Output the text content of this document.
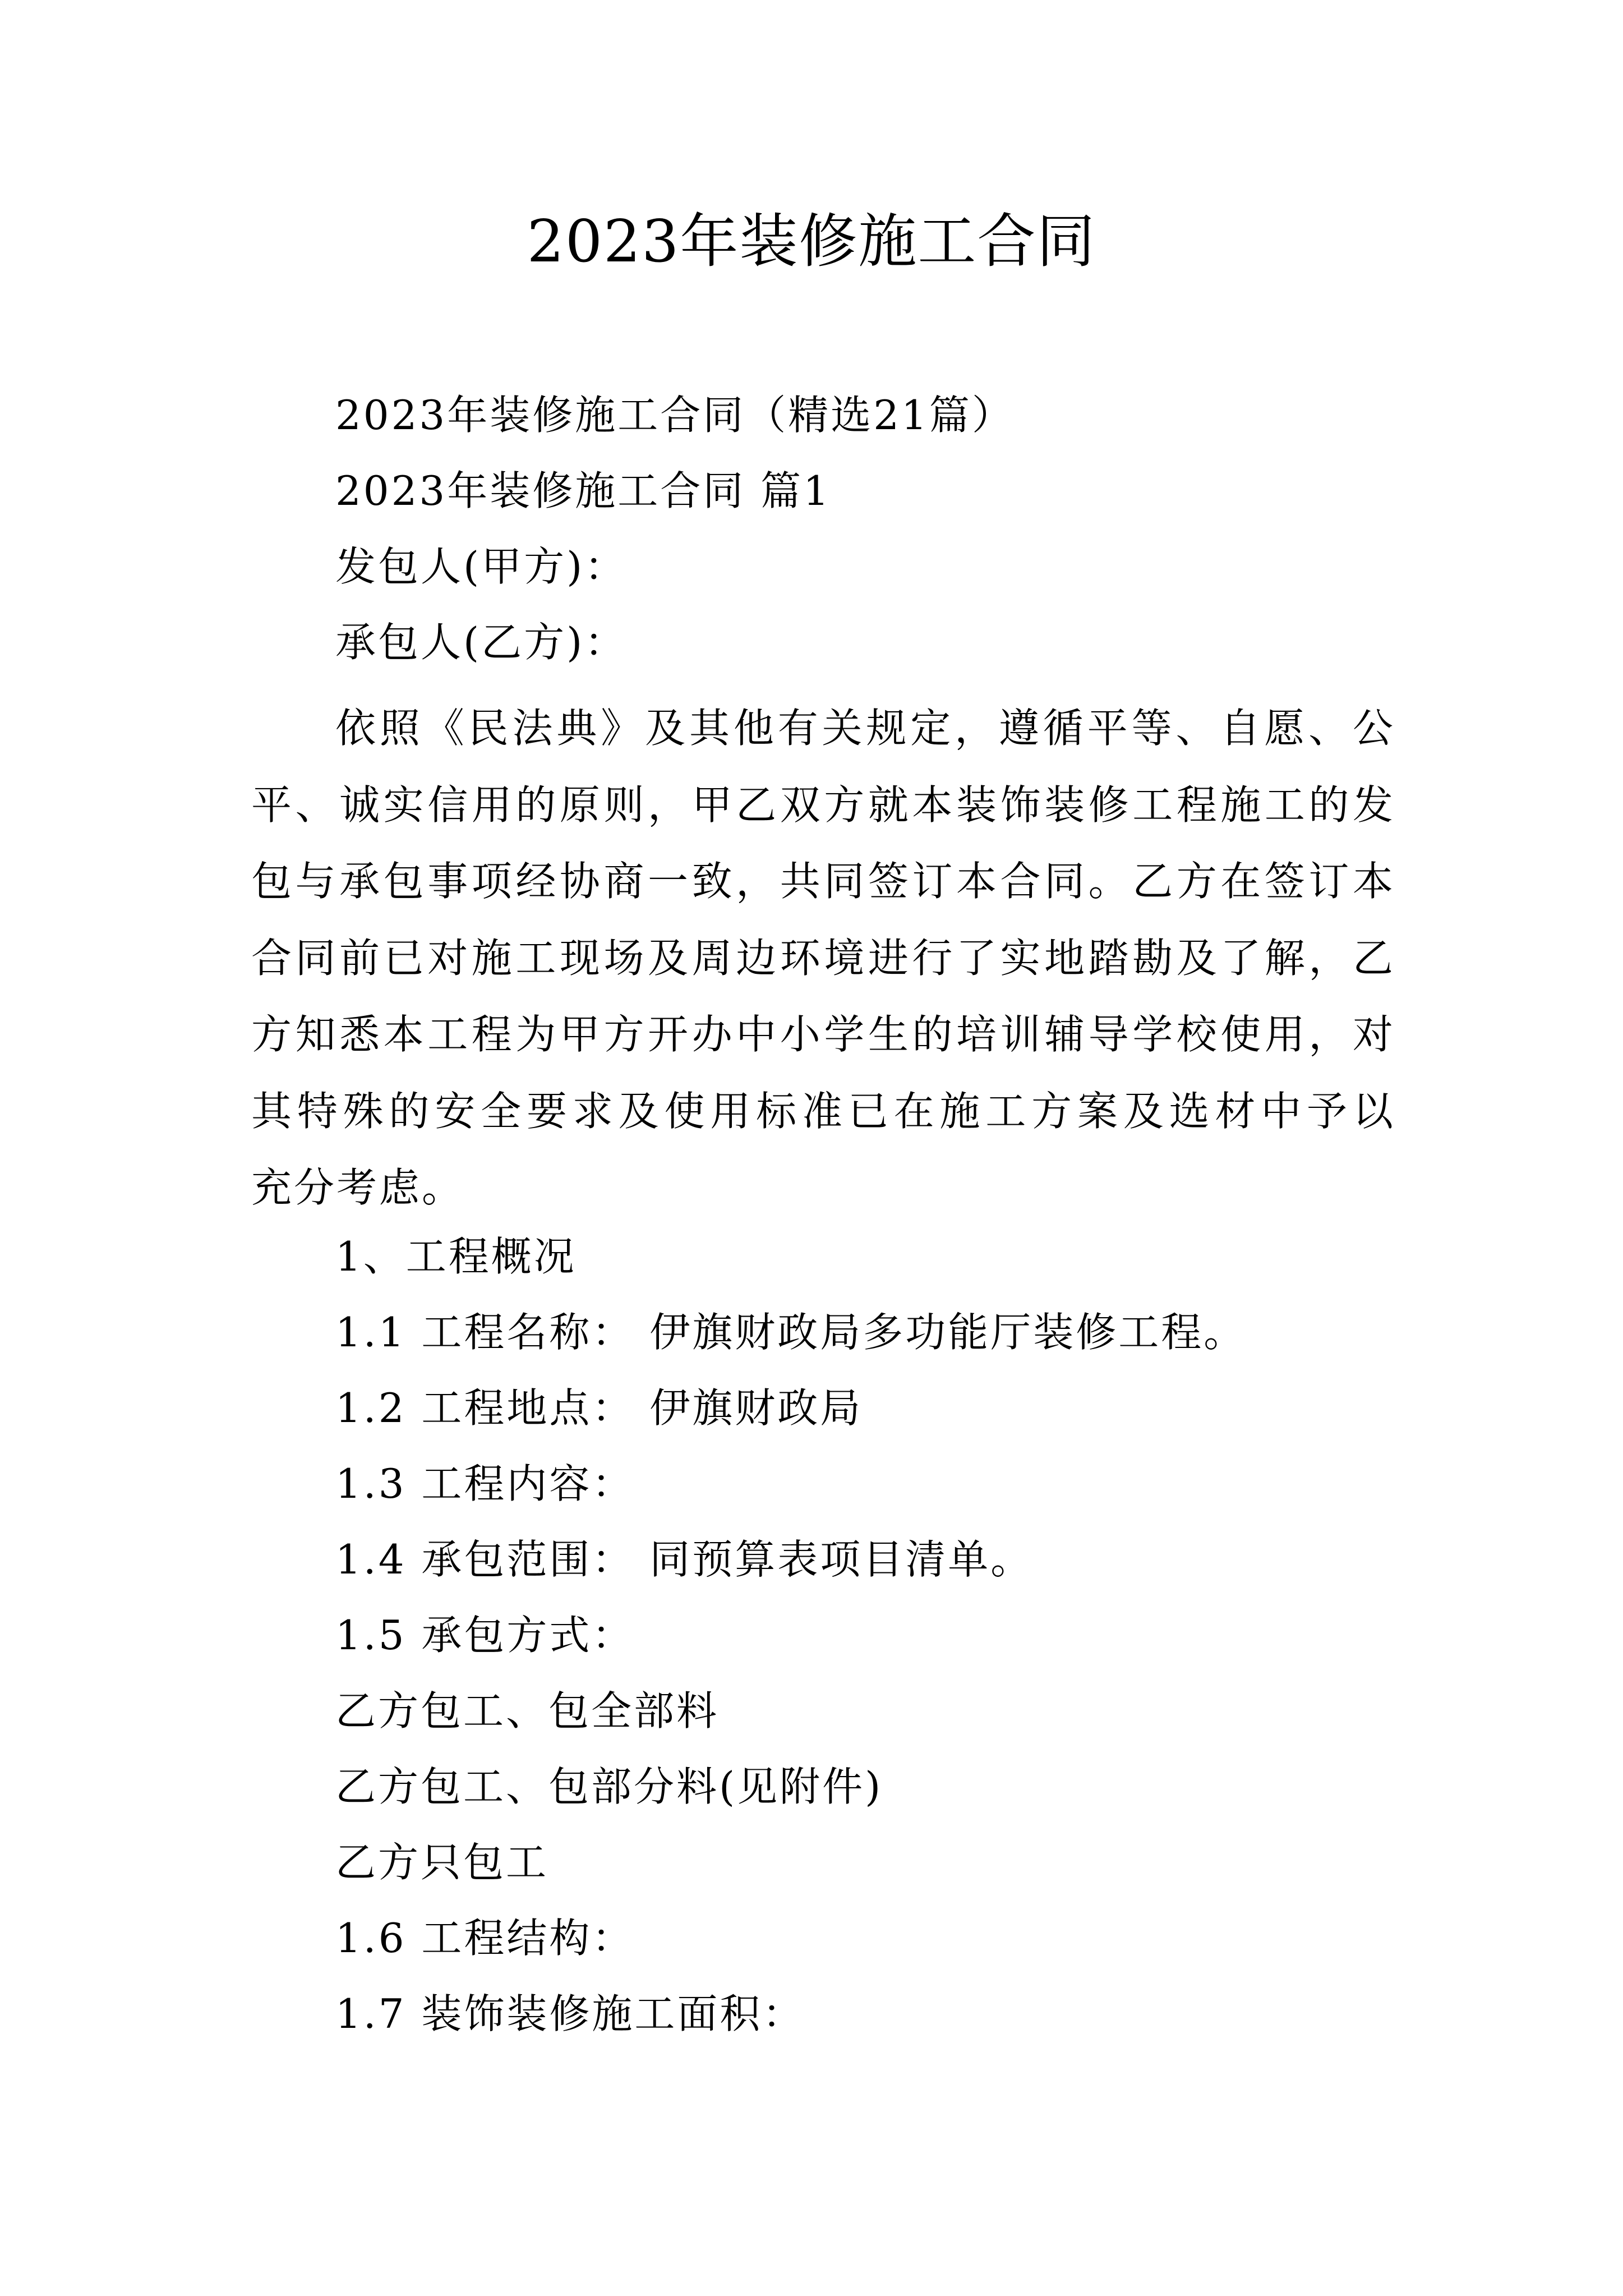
2023年装修施工合同
2023年装修施工合同（精选21篇）
2023年装修施工合同 篇1
发包人(甲方)：
承包人(乙方)：
依照《民法典》及其他有关规定，遵循平等、自愿、公
平、诚实信用的原则，甲乙双方就本装饰装修工程施工的发
包与承包事项经协商一致，共同签订本合同。乙方在签订本
合同前已对施工现场及周边环境进行了实地踏勘及了解，乙
方知悉本工程为甲方开办中小学生的培训辅导学校使用，对
其特殊的安全要求及使用标准已在施工方案及选材中予以
充分考虑。
1、工程概况
1.1 工程名称： 伊旗财政局多功能厅装修工程。
1.2 工程地点： 伊旗财政局
1.3 工程内容：
1.4 承包范围： 同预算表项目清单。
1.5 承包方式：
乙方包工、包全部料
乙方包工、包部分料(见附件)
乙方只包工
1.6 工程结构：
1.7 装饰装修施工面积：
